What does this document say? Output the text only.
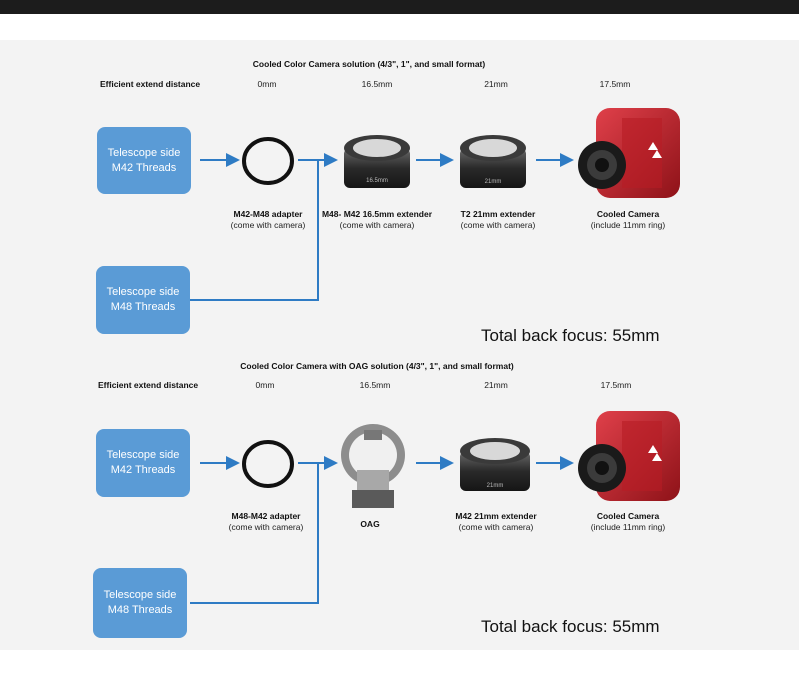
16.5mm	21mm
21mm
Cooled Color Camera solution (4/3", 1", and small format)
Efficient extend distance	0mm	16.5mm	21mm	17.5mm
Telescope side
M42 Threads
Telescope side
M48 Threads
M42-M48 adapter
(come with camera)
M48- M42 16.5mm extender
(come with camera)
T2 21mm extender
(come with camera)
Cooled Camera
(include 11mm ring)
Total back focus: 55mm
Cooled Color Camera with OAG solution (4/3", 1", and small format)
Efficient extend distance	0mm	16.5mm	21mm	17.5mm
Telescope side
M42 Threads
Telescope side
M48 Threads
M48-M42 adapter
(come with camera)	OAG
M42 21mm extender
(come with camera)
Cooled Camera
(include 11mm ring)
Total back focus: 55mm
